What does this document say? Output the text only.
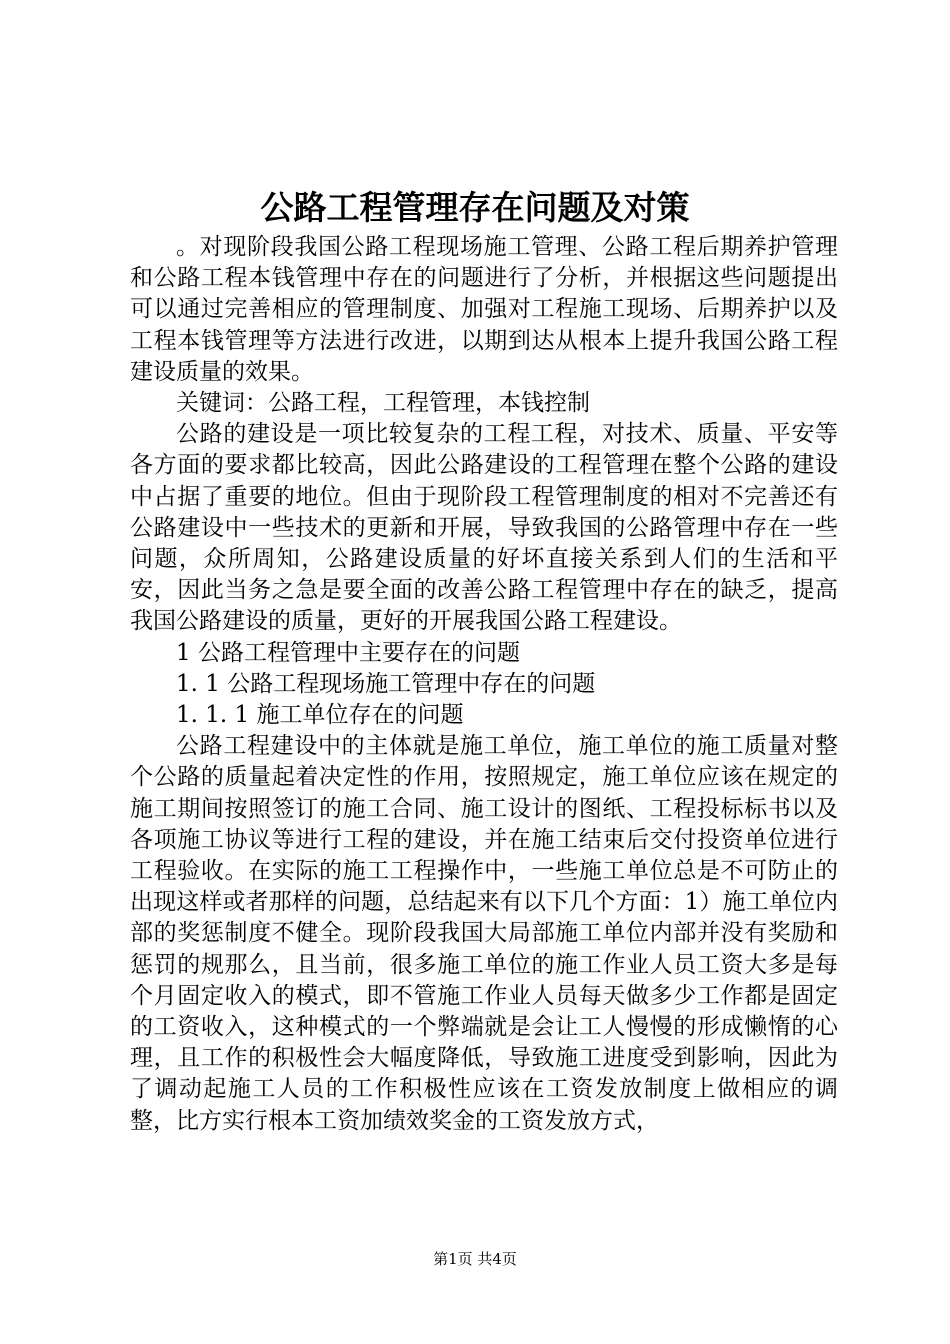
公路工程管理存在问题及对策

。对现阶段我国公路工程现场施工管理、公路工程后期养护管理和公路工程本钱管理中存在的问题进行了分析，并根据这些问题提出可以通过完善相应的管理制度、加强对工程施工现场、后期养护以及工程本钱管理等方法进行改进，以期到达从根本上提升我国公路工程建设质量的效果。

关键词：公路工程，工程管理，本钱控制

公路的建设是一项比较复杂的工程工程，对技术、质量、平安等各方面的要求都比较高，因此公路建设的工程管理在整个公路的建设中占据了重要的地位。但由于现阶段工程管理制度的相对不完善还有公路建设中一些技术的更新和开展，导致我国的公路管理中存在一些问题，众所周知，公路建设质量的好坏直接关系到人们的生活和平安，因此当务之急是要全面的改善公路工程管理中存在的缺乏，提高我国公路建设的质量，更好的开展我国公路工程建设。

1 公路工程管理中主要存在的问题

1. 1 公路工程现场施工管理中存在的问题

1. 1. 1 施工单位存在的问题

公路工程建设中的主体就是施工单位，施工单位的施工质量对整个公路的质量起着决定性的作用，按照规定，施工单位应该在规定的施工期间按照签订的施工合同、施工设计的图纸、工程投标标书以及各项施工协议等进行工程的建设，并在施工结束后交付投资单位进行工程验收。在实际的施工工程操作中，一些施工单位总是不可防止的出现这样或者那样的问题，总结起来有以下几个方面：1）施工单位内部的奖惩制度不健全。现阶段我国大局部施工单位内部并没有奖励和惩罚的规那么，且当前，很多施工单位的施工作业人员工资大多是每个月固定收入的模式，即不管施工作业人员每天做多少工作都是固定的工资收入，这种模式的一个弊端就是会让工人慢慢的形成懒惰的心理，且工作的积极性会大幅度降低，导致施工进度受到影响，因此为了调动起施工人员的工作积极性应该在工资发放制度上做相应的调整，比方实行根本工资加绩效奖金的工资发放方式，

第1页 共4页
